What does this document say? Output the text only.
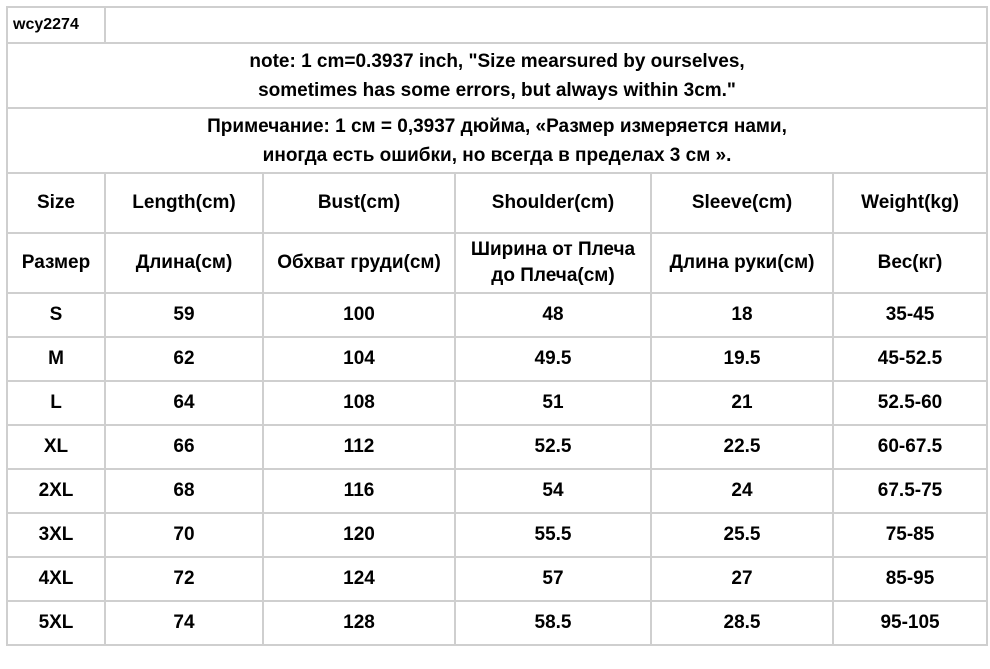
wcy2274					

note: 1 cm=0.3937 inch, "Size mearsured by ourselves,
sometimes has some errors, but always within 3cm."					

Примечание: 1 см = 0,3937 дюйма, «Размер измеряется нами,
иногда есть ошибки, но всегда в пределах 3 см ».					

Size	Length(cm)	Bust(cm)	Shoulder(cm)	Sleeve(cm)	Weight(kg)
Размер	Длина(см)	Обхват груди(см)	Ширина от Плеча
до Плеча(см)	Длина руки(см)	Вес(кг)
S	59	100	48	18	35-45
M	62	104	49.5	19.5	45-52.5
L	64	108	51	21	52.5-60
XL	66	112	52.5	22.5	60-67.5
2XL	68	116	54	24	67.5-75
3XL	70	120	55.5	25.5	75-85
4XL	72	124	57	27	85-95
5XL	74	128	58.5	28.5	95-105
